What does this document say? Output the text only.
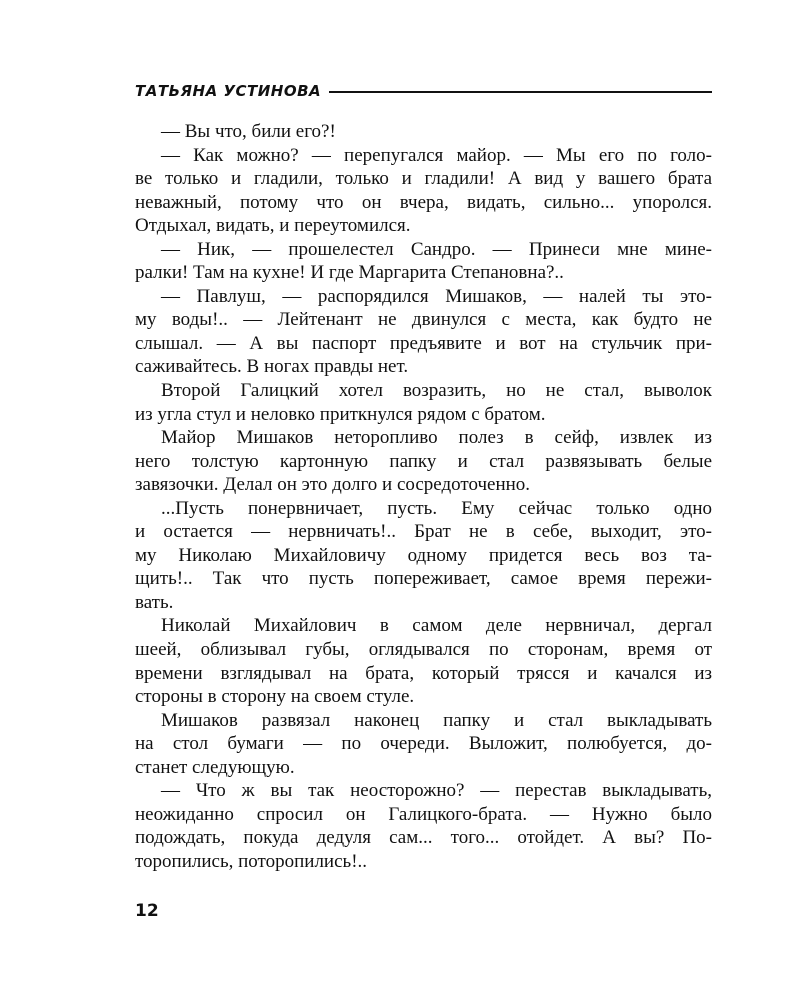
ТАТЬЯНА УСТИНОВА
— Вы что, били его?!
— Как можно? — перепугался майор. — Мы его по голо-
ве только и гладили, только и гладили! А вид у вашего брата
неважный, потому что он вчера, видать, сильно... упоролся.
Отдыхал, видать, и переутомился.
— Ник, — прошелестел Сандро. — Принеси мне мине-
ралки! Там на кухне! И где Маргарита Степановна?..
— Павлуш, — распорядился Мишаков, — налей ты это-
му воды!.. — Лейтенант не двинулся с места, как будто не
слышал. — А вы паспорт предъявите и вот на стульчик при-
саживайтесь. В ногах правды нет.
Второй Галицкий хотел возразить, но не стал, выволок
из угла стул и неловко приткнулся рядом с братом.
Майор Мишаков неторопливо полез в сейф, извлек из
него толстую картонную папку и стал развязывать белые
завязочки. Делал он это долго и сосредоточенно.
...Пусть понервничает, пусть. Ему сейчас только одно
и остается — нервничать!.. Брат не в себе, выходит, это-
му Николаю Михайловичу одному придется весь воз та-
щить!.. Так что пусть попереживает, самое время пережи-
вать.
Николай Михайлович в самом деле нервничал, дергал
шеей, облизывал губы, оглядывался по сторонам, время от
времени взглядывал на брата, который трясся и качался из
стороны в сторону на своем стуле.
Мишаков развязал наконец папку и стал выкладывать
на стол бумаги — по очереди. Выложит, полюбуется, до-
станет следующую.
— Что ж вы так неосторожно? — перестав выкладывать,
неожиданно спросил он Галицкого-брата. — Нужно было
подождать, покуда дедуля сам... того... отойдет. А вы? По-
торопились, поторопились!..
12
